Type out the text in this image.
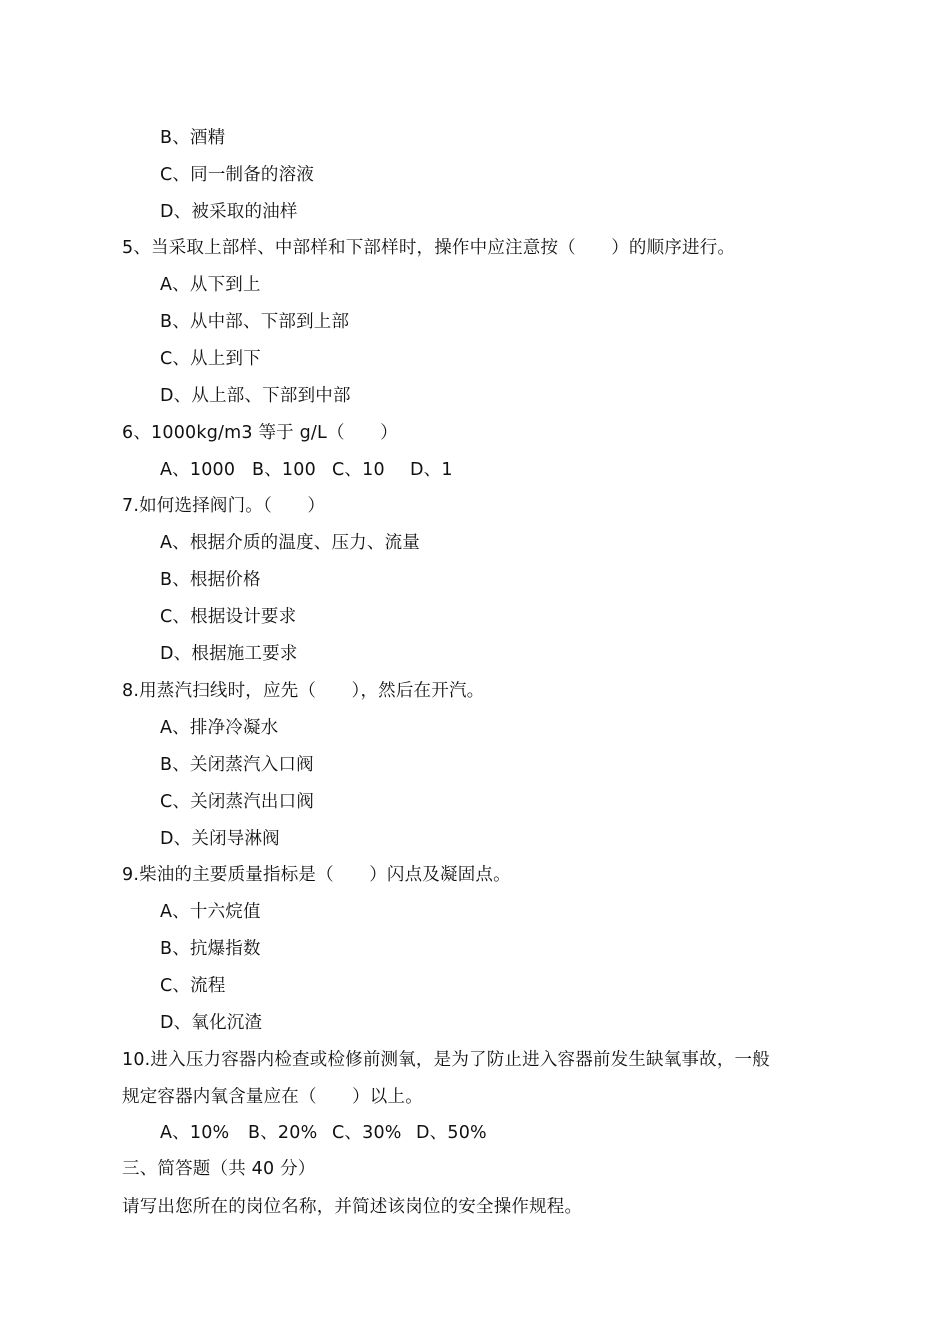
B、酒精
C、同一制备的溶液
D、被采取的油样
5、当采取上部样、中部样和下部样时，操作中应注意按（　　）的顺序进行。
A、从下到上
B、从中部、下部到上部
C、从上到下
D、从上部、下部到中部
6、1000kg/m3 等于 g/L（　　）
A、1000 B、100 C、10 D、1
7.如何选择阀门。（　　）
A、根据介质的温度、压力、流量
B、根据价格
C、根据设计要求
D、根据施工要求
8.用蒸汽扫线时，应先（　　），然后在开汽。
A、排净冷凝水
B、关闭蒸汽入口阀
C、关闭蒸汽出口阀
D、关闭导淋阀
9.柴油的主要质量指标是（　　）闪点及凝固点。
A、十六烷值
B、抗爆指数
C、流程
D、氧化沉渣
10.进入压力容器内检查或检修前测氧，是为了防止进入容器前发生缺氧事故，一般
规定容器内氧含量应在（　　）以上。
A、10% B、20% C、30% D、50%
三、简答题（共 40 分）
请写出您所在的岗位名称，并简述该岗位的安全操作规程。
